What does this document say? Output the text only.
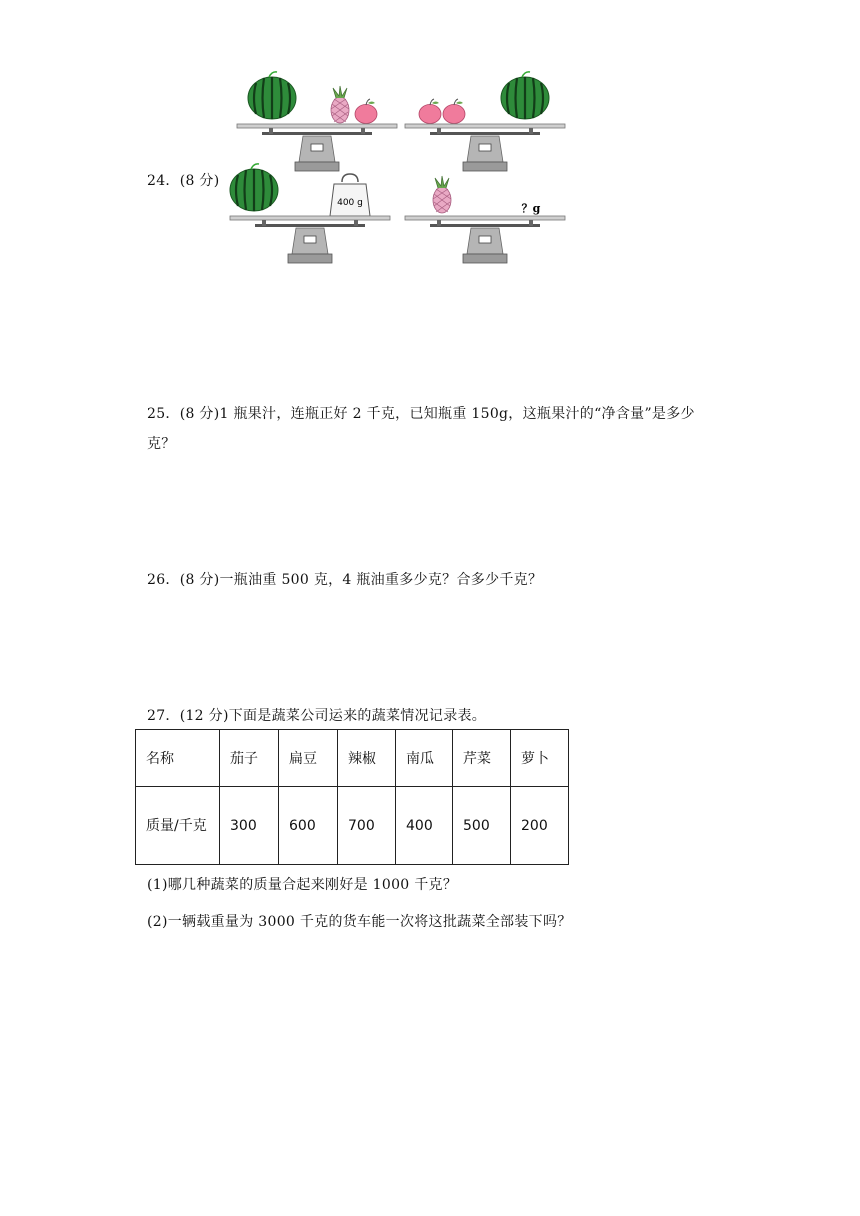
24．(8 分)
400 g	？g
25．(8 分)1 瓶果汁，连瓶正好 2 千克，已知瓶重 150g，这瓶果汁的“净含量”是多少
克？
26．(8 分)一瓶油重 500 克，4 瓶油重多少克？合多少千克？
27．(12 分)下面是蔬菜公司运来的蔬菜情况记录表。
名称	茄子	扁豆	辣椒	南瓜	芹菜	萝卜
质量/千克	300	600	700	400	500	200
(1)哪几种蔬菜的质量合起来刚好是 1000 千克？
(2)一辆载重量为 3000 千克的货车能一次将这批蔬菜全部装下吗？
